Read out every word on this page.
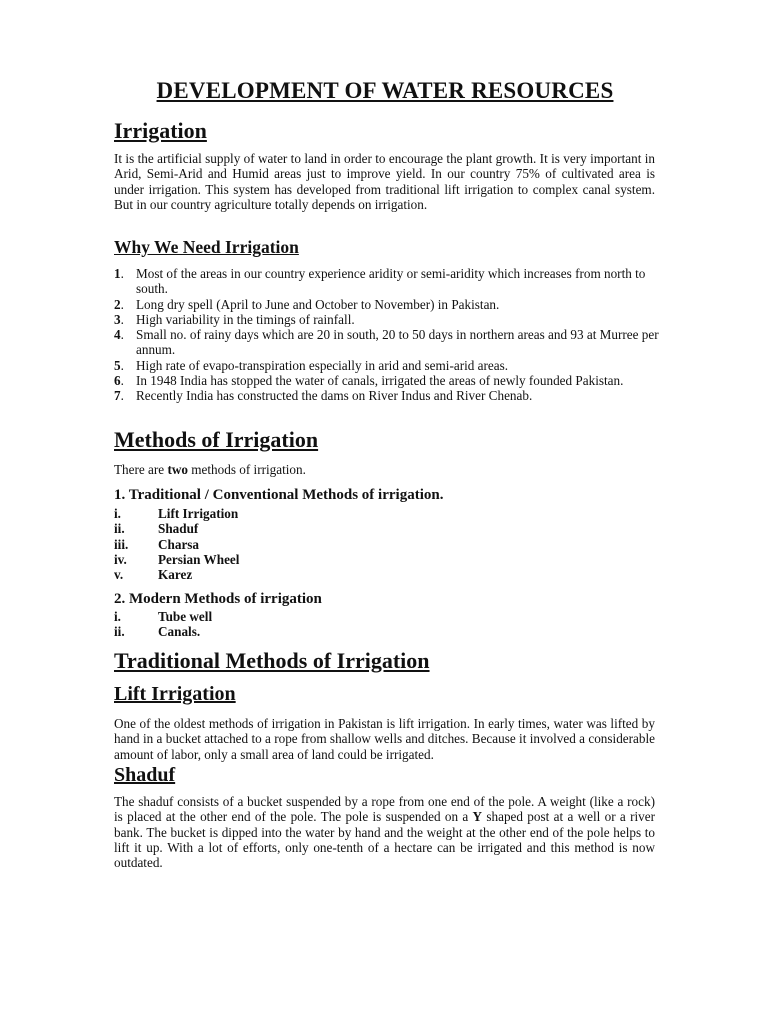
DEVELOPMENT OF WATER RESOURCES
Irrigation

It is the artificial supply of water to land in order to encourage the plant growth. It is very important in Arid, Semi-Arid and Humid areas just to improve yield. In our country 75% of cultivated area is under irrigation. This system has developed from traditional lift irrigation to complex canal system. But in our country agriculture totally depends on irrigation.

Why We Need Irrigation
1. Most of the areas in our country experience aridity or semi-aridity which increases from north to south.
2. Long dry spell (April to June and October to November) in Pakistan.
3. High variability in the timings of rainfall.
4. Small no. of rainy days which are 20 in south, 20 to 50 days in northern areas and 93 at Murree per annum.
5. High rate of evapo-transpiration especially in arid and semi-arid areas.
6. In 1948 India has stopped the water of canals, irrigated the areas of newly founded Pakistan.
7. Recently India has constructed the dams on River Indus and River Chenab.
Methods of Irrigation

There are two methods of irrigation.

1. Traditional / Conventional Methods of irrigation.
i.	Lift Irrigation
ii.	Shaduf
iii.	Charsa
iv.	Persian Wheel
v.	Karez
2. Modern Methods of irrigation
i.	Tube well
ii.	Canals.
Traditional Methods of Irrigation
Lift Irrigation

One of the oldest methods of irrigation in Pakistan is lift irrigation. In early times, water was lifted by hand in a bucket attached to a rope from shallow wells and ditches. Because it involved a considerable amount of labor, only a small area of land could be irrigated.

Shaduf

The shaduf consists of a bucket suspended by a rope from one end of the pole. A weight (like a rock) is placed at the other end of the pole. The pole is suspended on a Y shaped post at a well or a river bank. The bucket is dipped into the water by hand and the weight at the other end of the pole helps to lift it up. With a lot of efforts, only one-tenth of a hectare can be irrigated and this method is now outdated.
